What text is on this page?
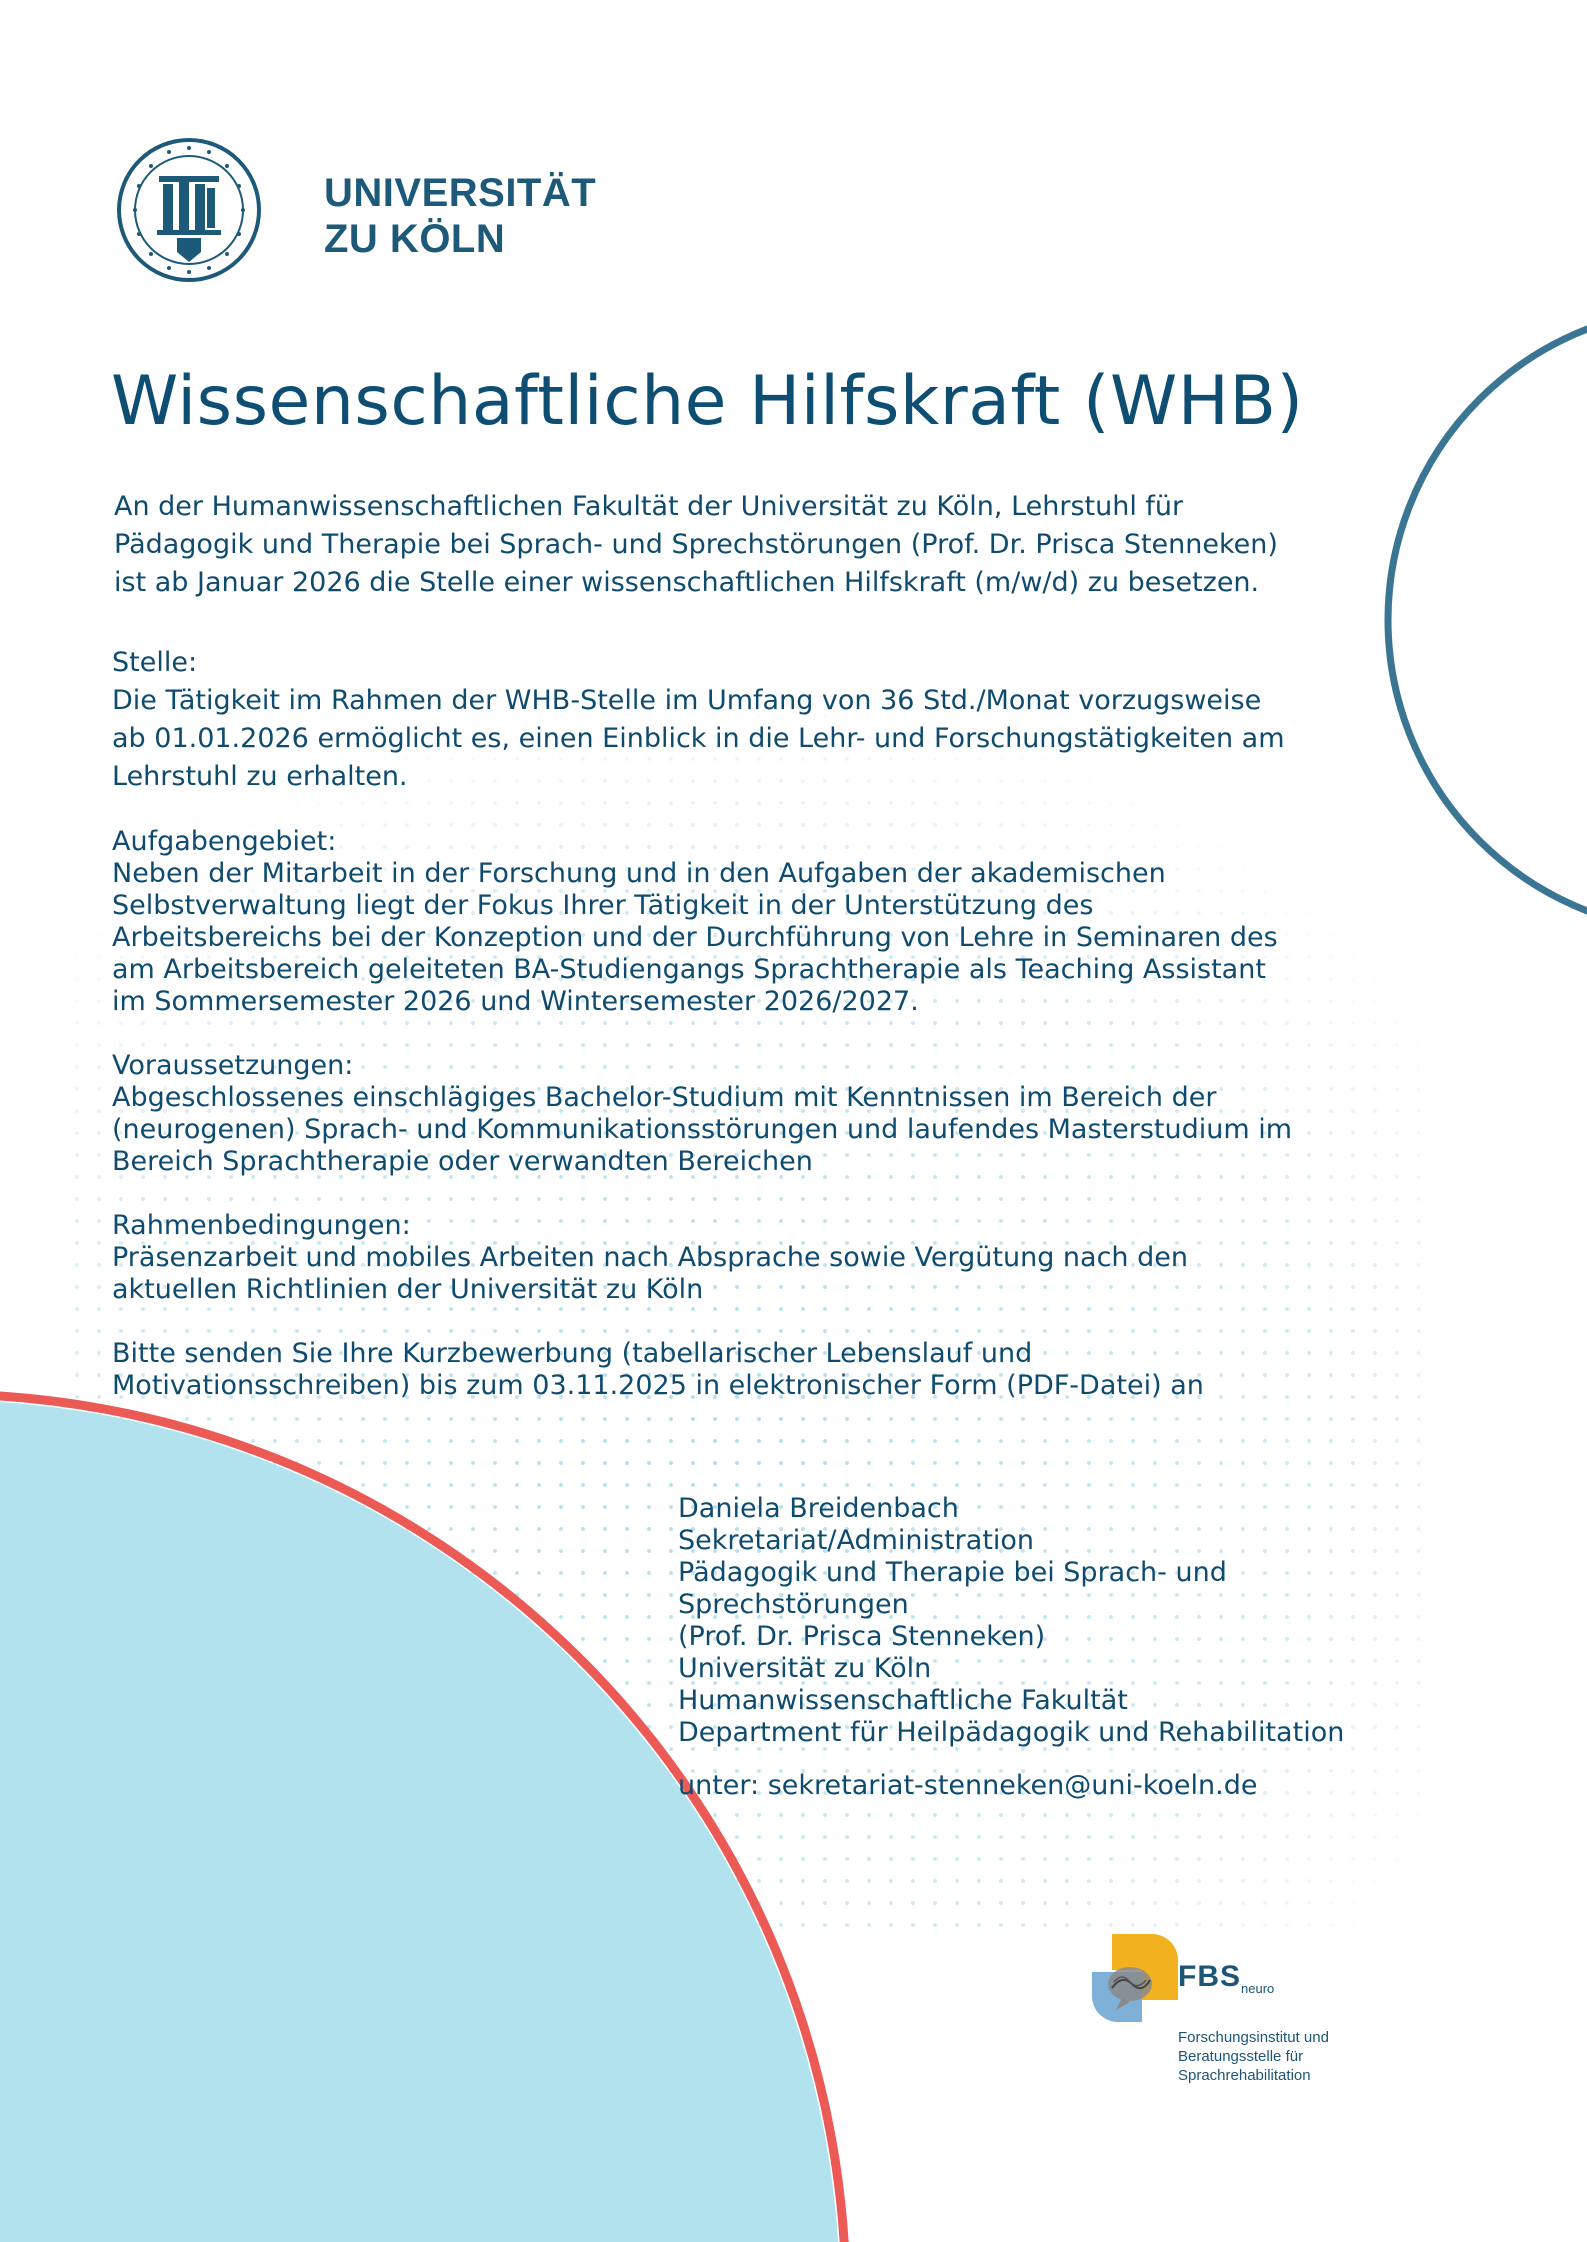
UNIVERSITÄT
ZU KÖLN
Wissenschaftliche Hilfskraft (WHB)
An der Humanwissenschaftlichen Fakultät der Universität zu Köln, Lehrstuhl für
Pädagogik und Therapie bei Sprach- und Sprechstörungen (Prof. Dr. Prisca Stenneken)
ist ab Januar 2026 die Stelle einer wissenschaftlichen Hilfskraft (m/w/d) zu besetzen.
Stelle:
Die Tätigkeit im Rahmen der WHB-Stelle im Umfang von 36 Std./Monat vorzugsweise
ab 01.01.2026 ermöglicht es, einen Einblick in die Lehr- und Forschungstätigkeiten am
Lehrstuhl zu erhalten.
Aufgabengebiet:
Neben der Mitarbeit in der Forschung und in den Aufgaben der akademischen
Selbstverwaltung liegt der Fokus Ihrer Tätigkeit in der Unterstützung des
Arbeitsbereichs bei der Konzeption und der Durchführung von Lehre in Seminaren des
am Arbeitsbereich geleiteten BA-Studiengangs Sprachtherapie als Teaching Assistant
im Sommersemester 2026 und Wintersemester 2026/2027.
Voraussetzungen:
Abgeschlossenes einschlägiges Bachelor-Studium mit Kenntnissen im Bereich der
(neurogenen) Sprach- und Kommunikationsstörungen und laufendes Masterstudium im
Bereich Sprachtherapie oder verwandten Bereichen
Rahmenbedingungen:
Präsenzarbeit und mobiles Arbeiten nach Absprache sowie Vergütung nach den
aktuellen Richtlinien der Universität zu Köln
Bitte senden Sie Ihre Kurzbewerbung (tabellarischer Lebenslauf und
Motivationsschreiben) bis zum 03.11.2025 in elektronischer Form (PDF-Datei) an
Daniela Breidenbach
Sekretariat/Administration
Pädagogik und Therapie bei Sprach- und
Sprechstörungen
(Prof. Dr. Prisca Stenneken)
Universität zu Köln
Humanwissenschaftliche Fakultät
Department für Heilpädagogik und Rehabilitation
unter: sekretariat-stenneken@uni-koeln.de
$FBS_{neuro}$
Forschungsinstitut und
Beratungsstelle für
Sprachrehabilitation
